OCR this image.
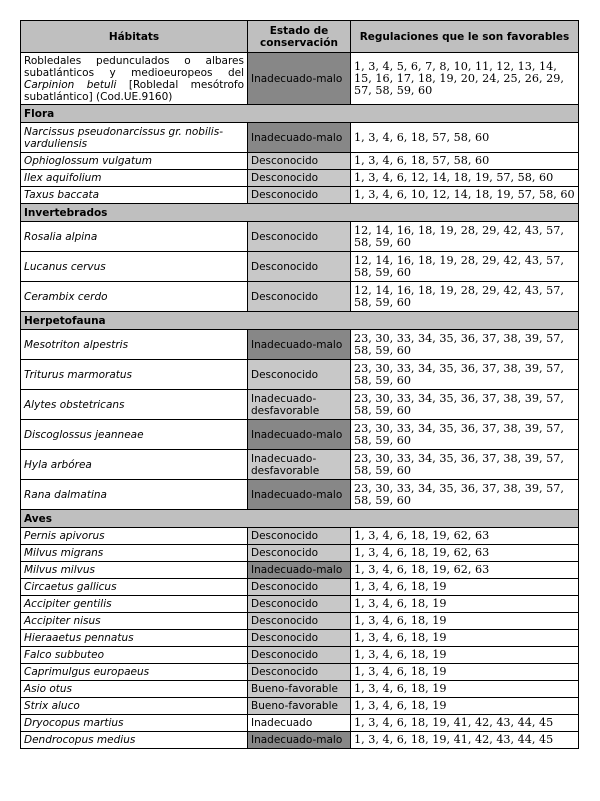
Hábitats	Estado de conservación	Regulaciones que le son favorables
Robledales pedunculados o albares subatlánticos y medioeuropeos del Carpinion betuli [Robledal mesótrofo subatlántico] (Cod.UE.9160)	Inadecuado-malo	1, 3, 4, 5, 6, 7, 8, 10, 11, 12, 13, 14, 15, 16, 17, 18, 19, 20, 24, 25, 26, 29, 57, 58, 59, 60
Flora		
Narcissus pseudonarcissus gr. nobilis-varduliensis	Inadecuado-malo	1, 3, 4, 6, 18, 57, 58, 60
Ophioglossum vulgatum	Desconocido	1, 3, 4, 6, 18, 57, 58, 60
Ilex aquifolium	Desconocido	1, 3, 4, 6, 12, 14, 18, 19, 57, 58, 60
Taxus baccata	Desconocido	1, 3, 4, 6, 10, 12, 14, 18, 19, 57, 58, 60
Invertebrados		
Rosalia alpina	Desconocido	12, 14, 16, 18, 19, 28, 29, 42, 43, 57, 58, 59, 60
Lucanus cervus	Desconocido	12, 14, 16, 18, 19, 28, 29, 42, 43, 57, 58, 59, 60
Cerambix cerdo	Desconocido	12, 14, 16, 18, 19, 28, 29, 42, 43, 57, 58, 59, 60
Herpetofauna		
Mesotriton alpestris	Inadecuado-malo	23, 30, 33, 34, 35, 36, 37, 38, 39, 57, 58, 59, 60
Triturus marmoratus	Desconocido	23, 30, 33, 34, 35, 36, 37, 38, 39, 57, 58, 59, 60
Alytes obstetricans	Inadecuado-desfavorable	23, 30, 33, 34, 35, 36, 37, 38, 39, 57, 58, 59, 60
Discoglossus jeanneae	Inadecuado-malo	23, 30, 33, 34, 35, 36, 37, 38, 39, 57, 58, 59, 60
Hyla arbórea	Inadecuado-desfavorable	23, 30, 33, 34, 35, 36, 37, 38, 39, 57, 58, 59, 60
Rana dalmatina	Inadecuado-malo	23, 30, 33, 34, 35, 36, 37, 38, 39, 57, 58, 59, 60
Aves		
Pernis apivorus	Desconocido	1, 3, 4, 6, 18, 19, 62, 63
Milvus migrans	Desconocido	1, 3, 4, 6, 18, 19, 62, 63
Milvus milvus	Inadecuado-malo	1, 3, 4, 6, 18, 19, 62, 63
Circaetus gallicus	Desconocido	1, 3, 4, 6, 18, 19
Accipiter gentilis	Desconocido	1, 3, 4, 6, 18, 19
Accipiter nisus	Desconocido	1, 3, 4, 6, 18, 19
Hieraaetus pennatus	Desconocido	1, 3, 4, 6, 18, 19
Falco subbuteo	Desconocido	1, 3, 4, 6, 18, 19
Caprimulgus europaeus	Desconocido	1, 3, 4, 6, 18, 19
Asio otus	Bueno-favorable	1, 3, 4, 6, 18, 19
Strix aluco	Bueno-favorable	1, 3, 4, 6, 18, 19
Dryocopus martius	Inadecuado	1, 3, 4, 6, 18, 19, 41, 42, 43, 44, 45
Dendrocopus medius	Inadecuado-malo	1, 3, 4, 6, 18, 19, 41, 42, 43, 44, 45
